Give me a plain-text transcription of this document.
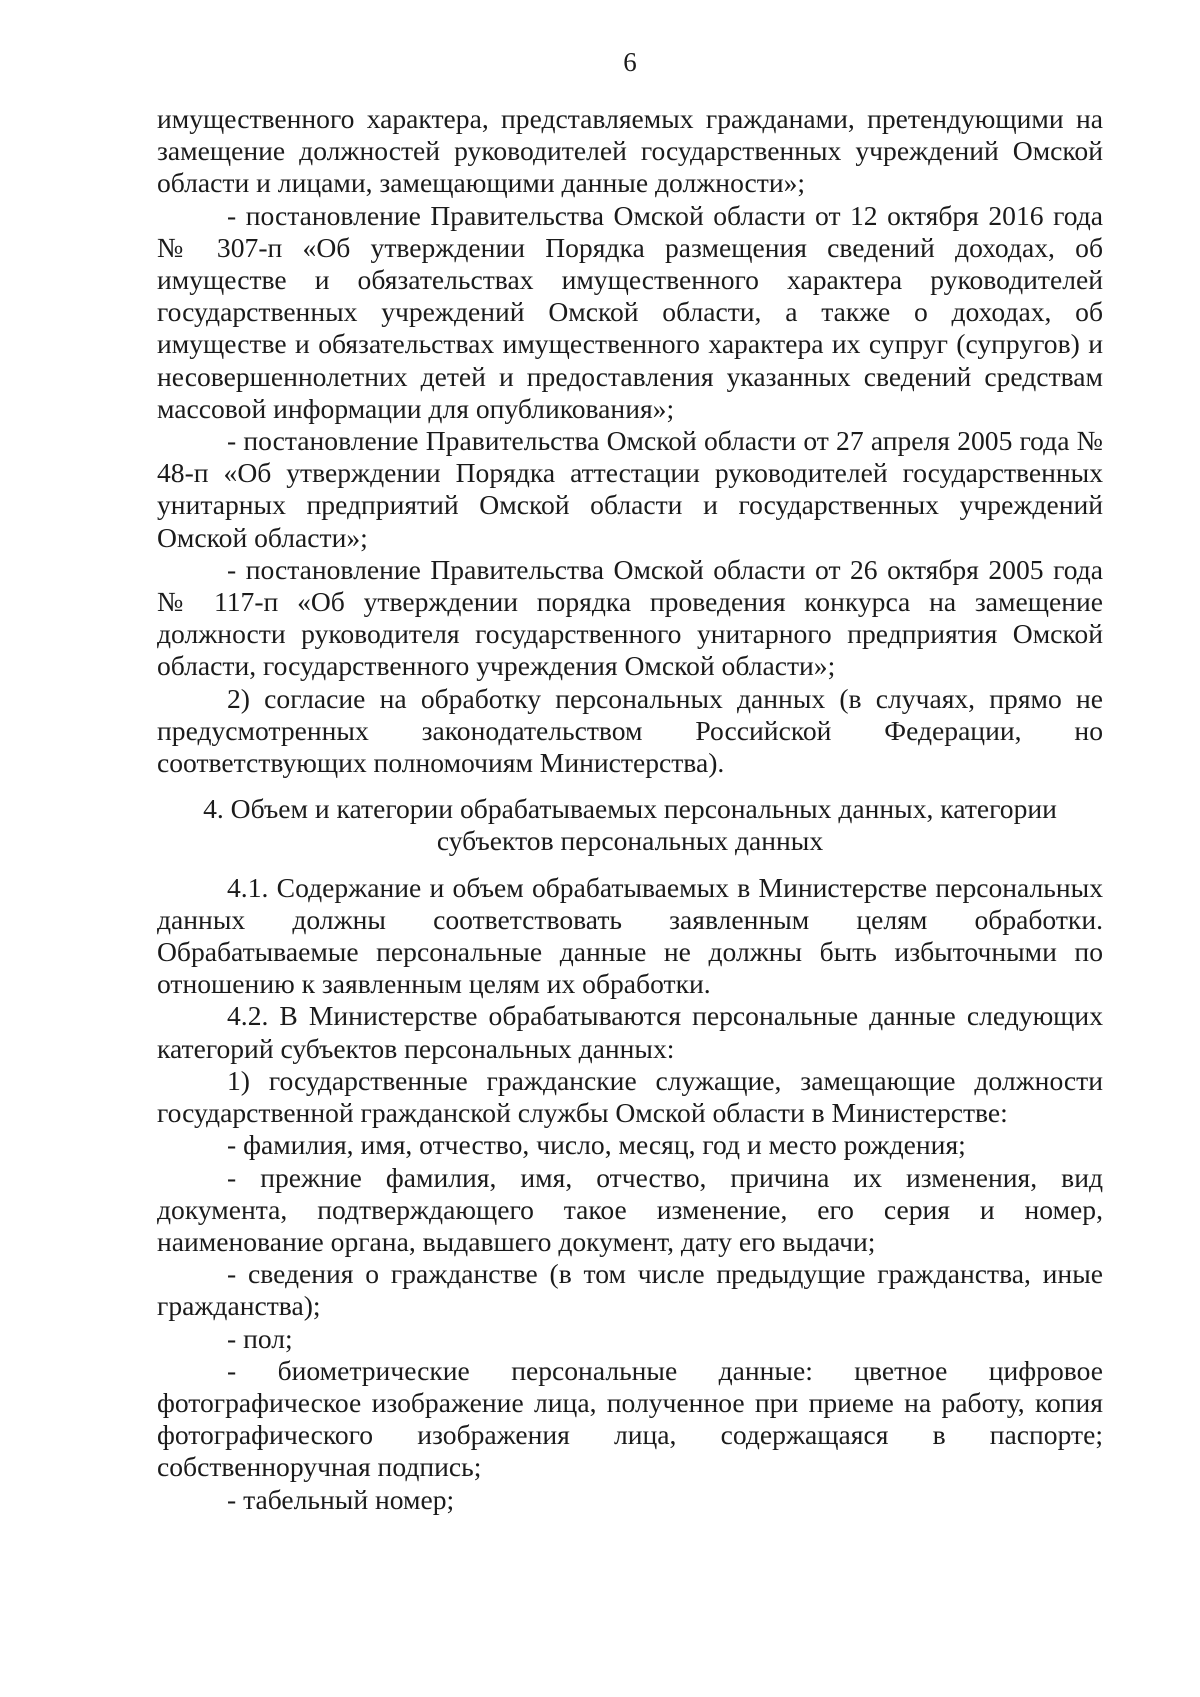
6

имущественного характера, представляемых гражданами, претендующими на замещение должностей руководителей государственных учреждений Омской области и лицами, замещающими данные должности»;

- постановление Правительства Омской области от 12 октября 2016 года № 307-п «Об утверждении Порядка размещения сведений доходах, об имуществе и обязательствах имущественного характера руководителей государственных учреждений Омской области, а также о доходах, об имуществе и обязательствах имущественного характера их супруг (супругов) и несовершеннолетних детей и предоставления указанных сведений средствам массовой информации для опубликования»;

- постановление Правительства Омской области от 27 апреля 2005 года № 48-п «Об утверждении Порядка аттестации руководителей государственных унитарных предприятий Омской области и государственных учреждений Омской области»;

- постановление Правительства Омской области от 26 октября 2005 года № 117-п «Об утверждении порядка проведения конкурса на замещение должности руководителя государственного унитарного предприятия Омской области, государственного учреждения Омской области»;

2) согласие на обработку персональных данных (в случаях, прямо не предусмотренных законодательством Российской Федерации, но соответствующих полномочиям Министерства).

4. Объем и категории обрабатываемых персональных данных, категории
субъектов персональных данных

4.1. Содержание и объем обрабатываемых в Министерстве персональных данных должны соответствовать заявленным целям обработки. Обрабатываемые персональные данные не должны быть избыточными по отношению к заявленным целям их обработки.

4.2. В Министерстве обрабатываются персональные данные следующих категорий субъектов персональных данных:

1) государственные гражданские служащие, замещающие должности государственной гражданской службы Омской области в Министерстве:

- фамилия, имя, отчество, число, месяц, год и место рождения;

- прежние фамилия, имя, отчество, причина их изменения, вид документа, подтверждающего такое изменение, его серия и номер, наименование органа, выдавшего документ, дату его выдачи;

- сведения о гражданстве (в том числе предыдущие гражданства, иные гражданства);

- пол;

- биометрические персональные данные: цветное цифровое фотографическое изображение лица, полученное при приеме на работу, копия фотографического изображения лица, содержащаяся в паспорте; собственноручная подпись;

- табельный номер;
